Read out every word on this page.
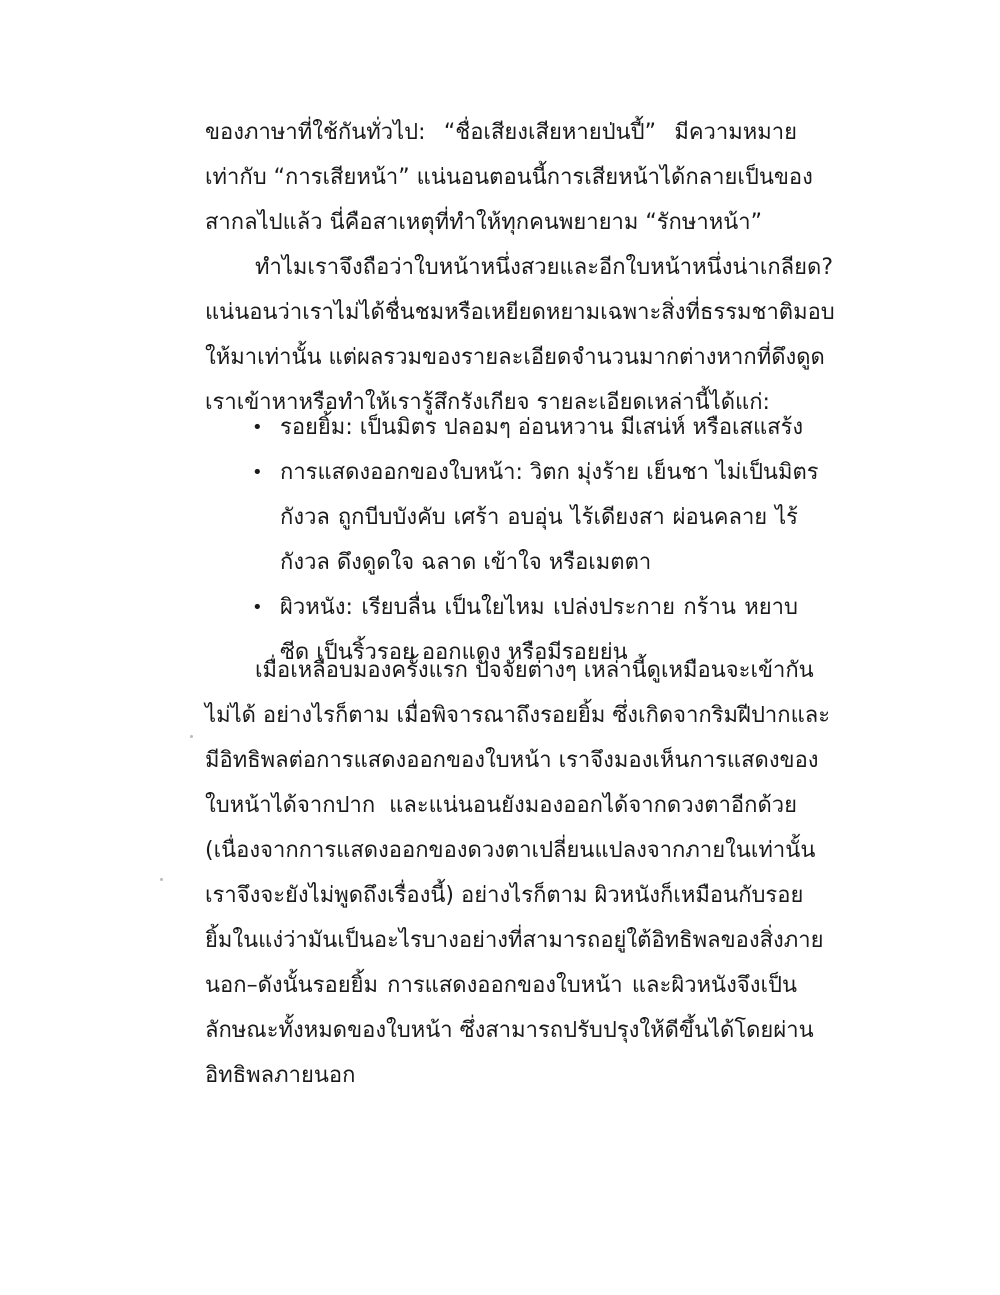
ของภาษาที่ใช้กันทั่วไป: “ชื่อเสียงเสียหายป่นปี้” มีความหมาย
เท่ากับ “การเสียหน้า” แน่นอนตอนนี้การเสียหน้าได้กลายเป็นของ
สากลไปแล้ว นี่คือสาเหตุที่ทำให้ทุกคนพยายาม “รักษาหน้า”
ทำไมเราจึงถือว่าใบหน้าหนึ่งสวยและอีกใบหน้าหนึ่งน่าเกลียด?
แน่นอนว่าเราไม่ได้ชื่นชมหรือเหยียดหยามเฉพาะสิ่งที่ธรรมชาติมอบ
ให้มาเท่านั้น แต่ผลรวมของรายละเอียดจำนวนมากต่างหากที่ดึงดูด
เราเข้าหาหรือทำให้เรารู้สึกรังเกียจ รายละเอียดเหล่านี้ได้แก่:
• รอยยิ้ม: เป็นมิตร ปลอมๆ อ่อนหวาน มีเสน่ห์ หรือเสแสร้ง
• การแสดงออกของใบหน้า: วิตก มุ่งร้าย เย็นชา ไม่เป็นมิตร
กังวล ถูกบีบบังคับ เศร้า อบอุ่น ไร้เดียงสา ผ่อนคลาย ไร้
กังวล ดึงดูดใจ ฉลาด เข้าใจ หรือเมตตา
• ผิวหนัง: เรียบลื่น เป็นใยไหม เปล่งประกาย กร้าน หยาบ
ซีด เป็นริ้วรอย ออกแดง หรือมีรอยย่น
เมื่อเหลือบมองครั้งแรก ปัจจัยต่างๆ เหล่านี้ดูเหมือนจะเข้ากัน
ไม่ได้ อย่างไรก็ตาม เมื่อพิจารณาถึงรอยยิ้ม ซึ่งเกิดจากริมฝีปากและ
มีอิทธิพลต่อการแสดงออกของใบหน้า เราจึงมองเห็นการแสดงของ
ใบหน้าได้จากปาก และแน่นอนยังมองออกได้จากดวงตาอีกด้วย
(เนื่องจากการแสดงออกของดวงตาเปลี่ยนแปลงจากภายในเท่านั้น
เราจึงจะยังไม่พูดถึงเรื่องนี้) อย่างไรก็ตาม ผิวหนังก็เหมือนกับรอย
ยิ้มในแง่ว่ามันเป็นอะไรบางอย่างที่สามารถอยู่ใต้อิทธิพลของสิ่งภาย
นอก–ดังนั้นรอยยิ้ม การแสดงออกของใบหน้า และผิวหนังจึงเป็น
ลักษณะทั้งหมดของใบหน้า ซึ่งสามารถปรับปรุงให้ดีขึ้นได้โดยผ่าน
อิทธิพลภายนอก
